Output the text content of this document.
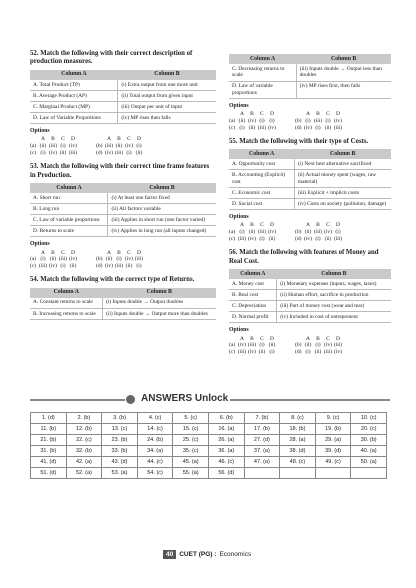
52. Match the following with their correct description of production measures.
Column A	Column B
A. Total Product (TP)	(i) Extra output from one more unit
B. Average Product (AP)	(ii) Total output from given input
C. Marginal Product (MP)	(iii) Output per unit of input
D. Law of Variable Proportions	(iv) MP rises then falls
Options
A	B	C	D	A	B	C	D
(a) (ii) (iii) (i) (iv)	(b) (iii) (ii) (iv) (i)
(c) (i) (iv) (ii) (iii)	(d) (iv) (iii) (i) (ii)
53. Match the following with their correct time frame features in Production.
Column A	Column B
A. Short run	(i) At least one factor fixed
B. Long run	(ii) All factors variable
C. Law of variable proportions	(iii) Applies in short run (one factor varied)
D. Returns to scale	(iv) Applies in long run (all inputs changed)
Options
A	B	C	D	A	B	C	D
(a) (i) (ii) (iii) (iv)	(b) (ii) (i) (iv) (iii)
(c) (iii) (iv) (i) (ii)	(d) (iv) (iii) (ii) (i)
54. Match the following with the correct type of Returns.
Column A	Column B
A. Constant returns to scale	(i) Inputs double → Output doubles
B. Increasing returns to scale	(ii) Inputs double → Output more than doubles
Column A	Column B
C. Decreasing returns to scale	(iii) Inputs double → Output less than doubles
D. Law of variable proportions	(iv) MP rises first, then falls
Options
A	B	C	D	A	B	C	D
(a) (ii) (iv) (i) (i)	(b) (i) (iii) (i) (iv)
(c) (i) (ii) (iii) (iv)	(d) (iv) (i) (ii) (iii)
55. Match the following with their type of Costs.
Column A	Column B
A. Opportunity cost	(i) Next best alternative sacrificed
B. Accounting (Explicit) cost	(ii) Actual money spent (wages, raw material)
C. Economic cost	(iii) Explicit + implicit costs
D. Social cost	(iv) Costs on society (pollution, damage)
Options
A	B	C	D	A	B	C	D
(a) (i) (ii) (iii) (iv)	(b) (ii) (iii) (iv) (i)
(c) (iii) (iv) (i) (ii)	(d) (iv) (i) (ii) (iii)
56. Match the following with features of Money and Real Cost.
Column A	Column B
A. Money cost	(i) Monetary expenses (inputs, wages, taxes)
B. Real cost	(ii) Human effort, sacrifice in production
C. Depreciation	(iii) Part of money cost (wear and tear)
D. Normal profit	(iv) Included in cost of entrepreneur
Options
A	B	C	D	A	B	C	D
(a) (iv) (iii) (i) (ii)	(b) (ii) (i) (iv) (iii)
(c) (iii) (iv) (ii) (i)	(d) (i) (ii) (iii) (iv)
ANSWERS Unlock
1. (d)	2. (b)	3. (b)	4. (c)	5. (c)	6. (b)	7. (b)	8. (c)	9. (c)	10. (c)
11. (b)	12. (b)	13. (c)	14. (c)	15. (c)	16. (a)	17. (b)	18. (b)	19. (b)	20. (c)
21. (b)	22. (c)	23. (b)	24. (b)	25. (c)	26. (a)	27. (d)	28. (a)	29. (a)	30. (b)
31. (b)	32. (b)	33. (b)	34. (a)	35. (c)	36. (a)	37. (a)	38. (d)	39. (d)	40. (a)
41. (d)	42. (a)	43. (d)	44. (c)	45. (a)	46. (c)	47. (a)	48. (c)	49. (c)	50. (a)
51. (d)	52. (a)	53. (a)	54. (c)	55. (a)	56. (d)				
40 CUET (PG) : Economics
